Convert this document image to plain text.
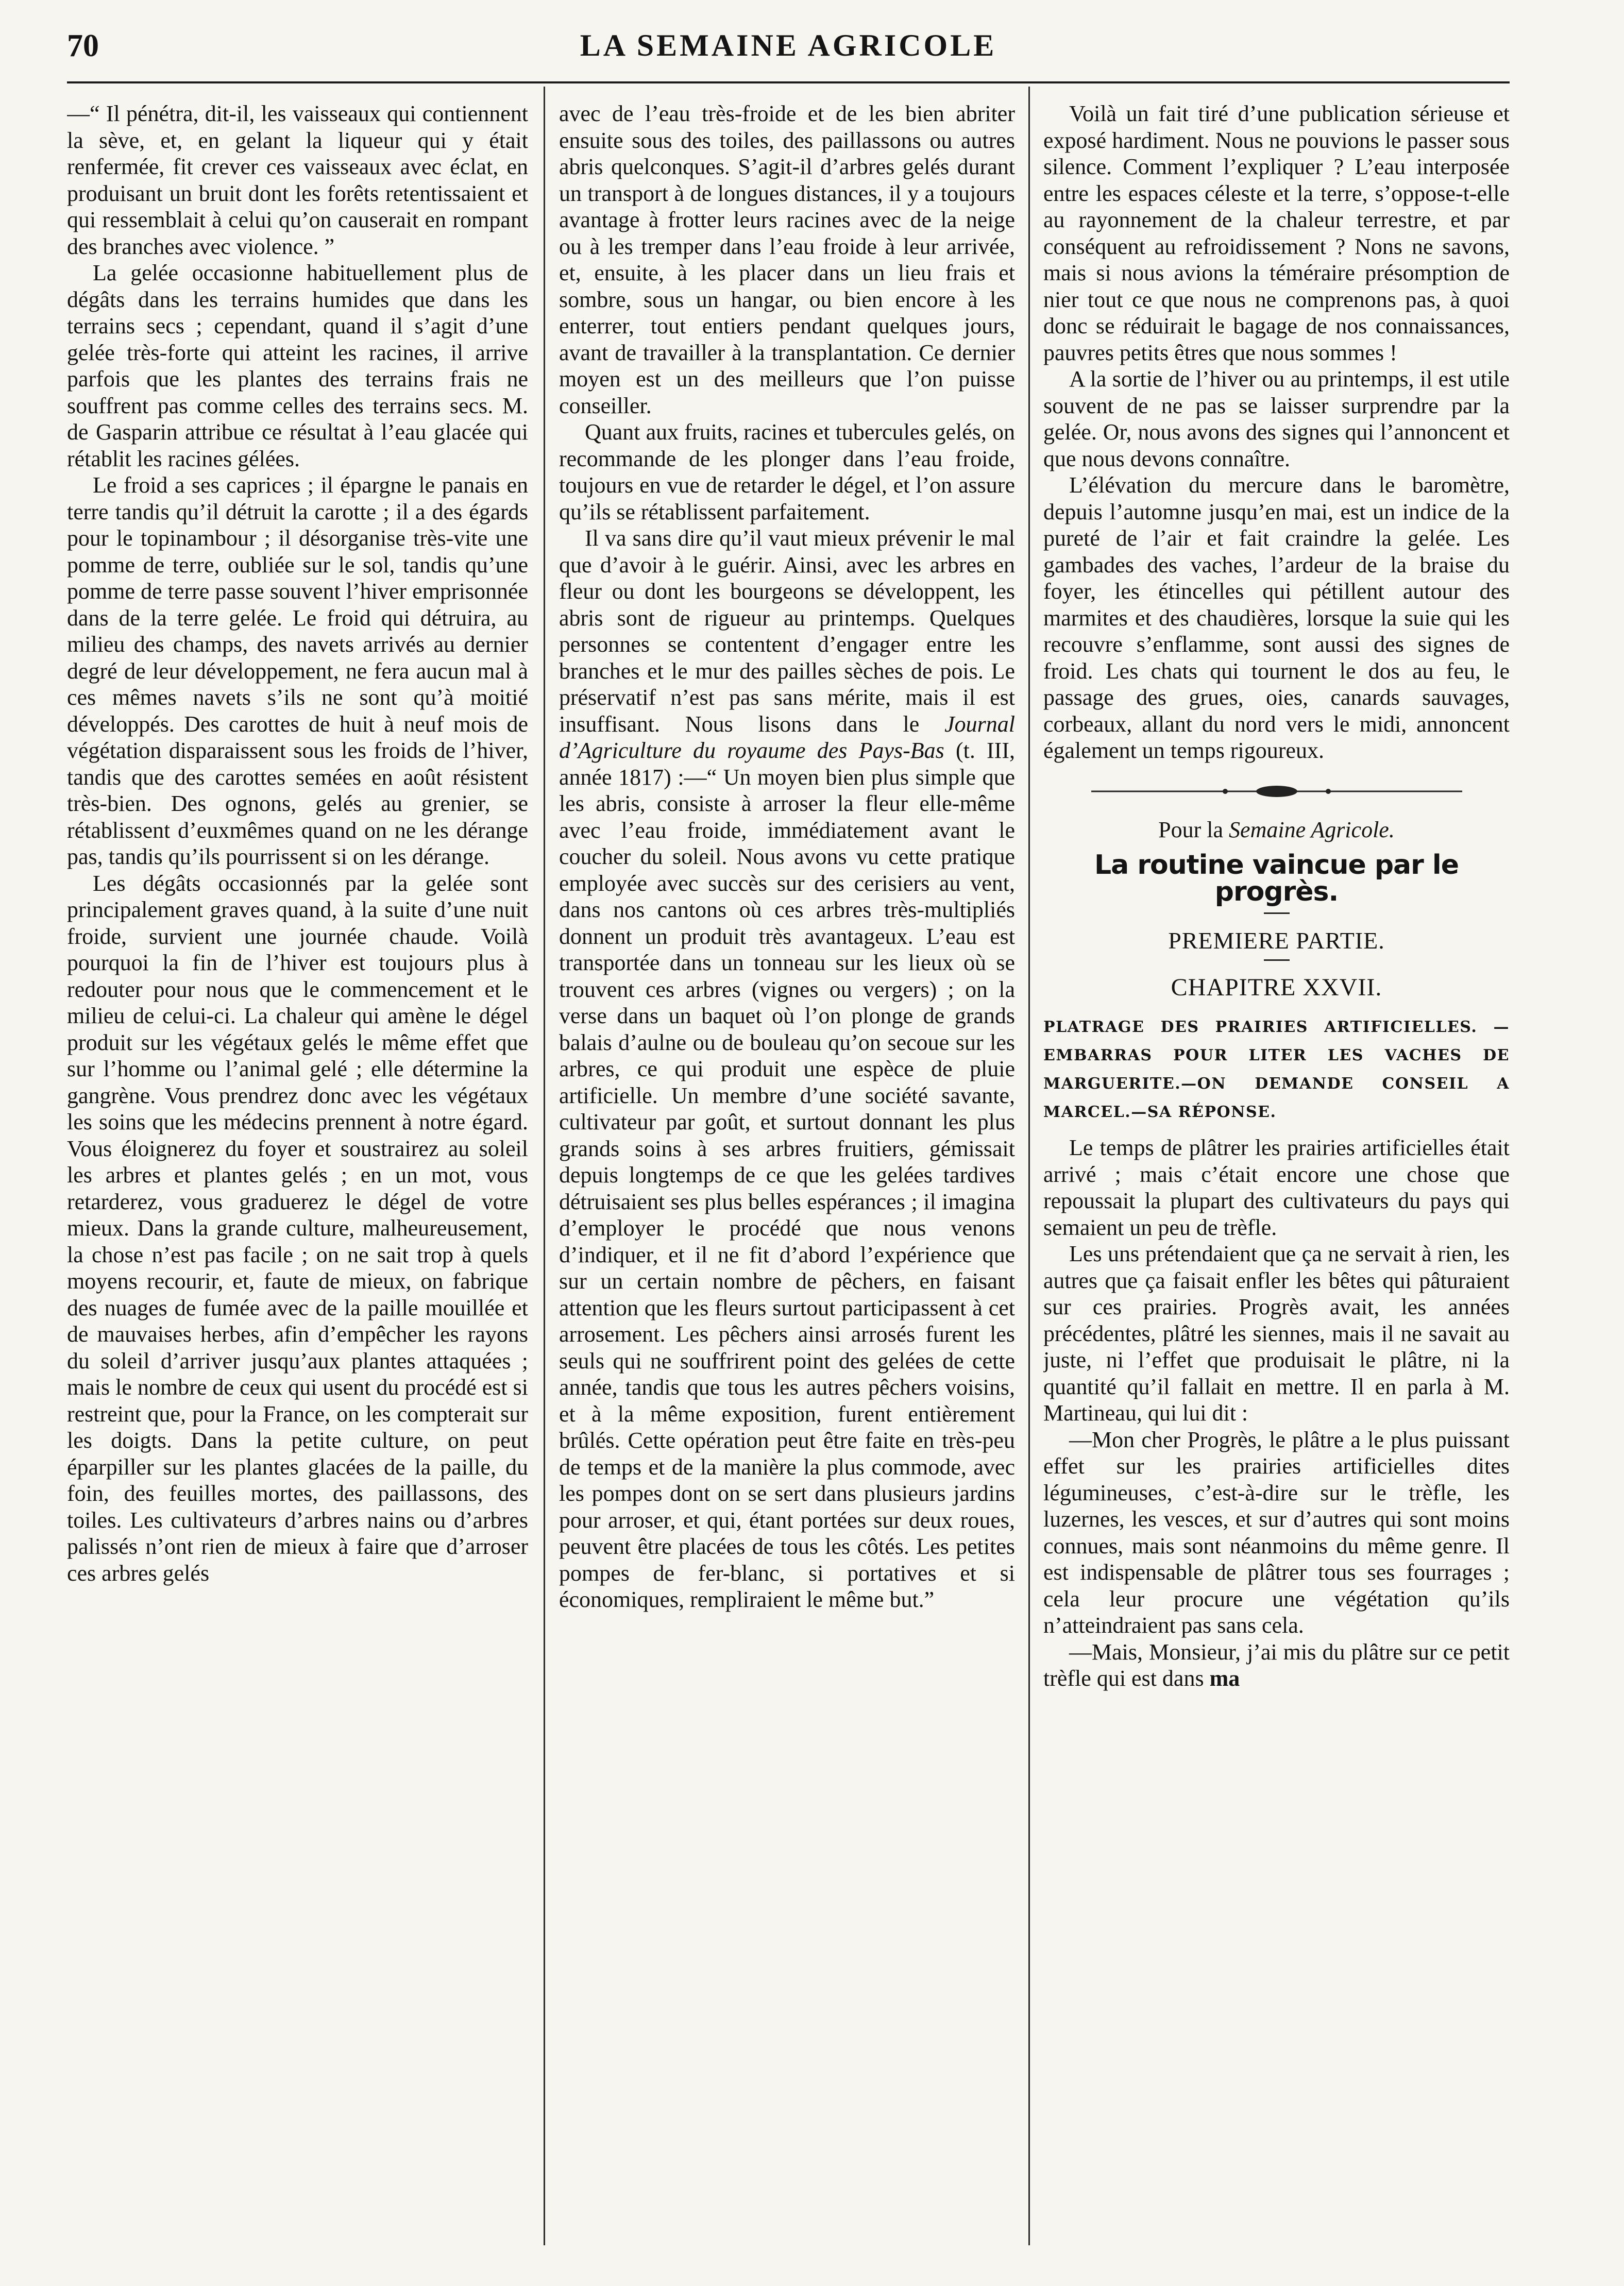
70	LA SEMAINE AGRICOLE

—“ Il pénétra, dit-il, les vaisseaux qui contiennent la sève, et, en gelant la liqueur qui y était renfermée, fit crever ces vaisseaux avec éclat, en produisant un bruit dont les forêts retentissaient et qui ressemblait à celui qu’on causerait en rompant des branches avec violence. ”

La gelée occasionne habituellement plus de dégâts dans les terrains humides que dans les terrains secs ; cependant, quand il s’agit d’une gelée très-forte qui atteint les racines, il arrive parfois que les plantes des terrains frais ne souffrent pas comme celles des terrains secs. M. de Gasparin attribue ce résultat à l’eau glacée qui rétablit les racines gélées.

Le froid a ses caprices ; il épargne le panais en terre tandis qu’il détruit la carotte ; il a des égards pour le topinambour ; il désorganise très-vite une pomme de terre, oubliée sur le sol, tandis qu’une pomme de terre passe souvent l’hiver emprisonnée dans de la terre gelée. Le froid qui détruira, au milieu des champs, des navets arrivés au dernier degré de leur développement, ne fera aucun mal à ces mêmes navets s’ils ne sont qu’à moitié développés. Des carottes de huit à neuf mois de végétation disparaissent sous les froids de l’hiver, tandis que des carottes semées en août résistent très-bien. Des ognons, gelés au grenier, se rétablissent d’euxmêmes quand on ne les dérange pas, tandis qu’ils pourrissent si on les dérange.

Les dégâts occasionnés par la gelée sont principalement graves quand, à la suite d’une nuit froide, survient une journée chaude. Voilà pourquoi la fin de l’hiver est toujours plus à redouter pour nous que le commencement et le milieu de celui-ci. La chaleur qui amène le dégel produit sur les végétaux gelés le même effet que sur l’homme ou l’animal gelé ; elle détermine la gangrène. Vous prendrez donc avec les végétaux les soins que les médecins prennent à notre égard. Vous éloignerez du foyer et soustrairez au soleil les arbres et plantes gelés ; en un mot, vous retarderez, vous graduerez le dégel de votre mieux. Dans la grande culture, malheureusement, la chose n’est pas facile ; on ne sait trop à quels moyens recourir, et, faute de mieux, on fabrique des nuages de fumée avec de la paille mouillée et de mauvaises herbes, afin d’empêcher les rayons du soleil d’arriver jusqu’aux plantes attaquées ; mais le nombre de ceux qui usent du procédé est si restreint que, pour la France, on les compterait sur les doigts. Dans la petite culture, on peut éparpiller sur les plantes glacées de la paille, du foin, des feuilles mortes, des paillassons, des toiles. Les cultivateurs d’arbres nains ou d’arbres palissés n’ont rien de mieux à faire que d’arroser ces arbres gelés

avec de l’eau très-froide et de les bien abriter ensuite sous des toiles, des paillassons ou autres abris quelconques. S’agit-il d’arbres gelés durant un transport à de longues distances, il y a toujours avantage à frotter leurs racines avec de la neige ou à les tremper dans l’eau froide à leur arrivée, et, ensuite, à les placer dans un lieu frais et sombre, sous un hangar, ou bien encore à les enterrer, tout entiers pendant quelques jours, avant de travailler à la transplantation. Ce dernier moyen est un des meilleurs que l’on puisse conseiller.

Quant aux fruits, racines et tubercules gelés, on recommande de les plonger dans l’eau froide, toujours en vue de retarder le dégel, et l’on assure qu’ils se rétablissent parfaitement.

Il va sans dire qu’il vaut mieux prévenir le mal que d’avoir à le guérir. Ainsi, avec les arbres en fleur ou dont les bourgeons se développent, les abris sont de rigueur au printemps. Quelques personnes se contentent d’engager entre les branches et le mur des pailles sèches de pois. Le préservatif n’est pas sans mérite, mais il est insuffisant. Nous lisons dans le Journal d’Agriculture du royaume des Pays-Bas (t. III, année 1817) :—“ Un moyen bien plus simple que les abris, consiste à arroser la fleur elle-même avec l’eau froide, immédiatement avant le coucher du soleil. Nous avons vu cette pratique employée avec succès sur des cerisiers au vent, dans nos cantons où ces arbres très-multipliés donnent un produit très avantageux. L’eau est transportée dans un tonneau sur les lieux où se trouvent ces arbres (vignes ou vergers) ; on la verse dans un baquet où l’on plonge de grands balais d’aulne ou de bouleau qu’on secoue sur les arbres, ce qui produit une espèce de pluie artificielle. Un membre d’une société savante, cultivateur par goût, et surtout donnant les plus grands soins à ses arbres fruitiers, gémissait depuis longtemps de ce que les gelées tardives détruisaient ses plus belles espérances ; il imagina d’employer le procédé que nous venons d’indiquer, et il ne fit d’abord l’expérience que sur un certain nombre de pêchers, en faisant attention que les fleurs surtout participassent à cet arrosement. Les pêchers ainsi arrosés furent les seuls qui ne souffrirent point des gelées de cette année, tandis que tous les autres pêchers voisins, et à la même exposition, furent entièrement brûlés. Cette opération peut être faite en très-peu de temps et de la manière la plus commode, avec les pompes dont on se sert dans plusieurs jardins pour arroser, et qui, étant portées sur deux roues, peuvent être placées de tous les côtés. Les petites pompes de fer-blanc, si portatives et si économiques, rempliraient le même but.”

Voilà un fait tiré d’une publication sérieuse et exposé hardiment. Nous ne pouvions le passer sous silence. Comment l’expliquer ? L’eau interposée entre les espaces céleste et la terre, s’oppose-t-elle au rayonnement de la chaleur terrestre, et par conséquent au refroidissement ? Nons ne savons, mais si nous avions la téméraire présomption de nier tout ce que nous ne comprenons pas, à quoi donc se réduirait le bagage de nos connaissances, pauvres petits êtres que nous sommes !

A la sortie de l’hiver ou au printemps, il est utile souvent de ne pas se laisser surprendre par la gelée. Or, nous avons des signes qui l’annoncent et que nous devons connaître.

L’élévation du mercure dans le baromètre, depuis l’automne jusqu’en mai, est un indice de la pureté de l’air et fait craindre la gelée. Les gambades des vaches, l’ardeur de la braise du foyer, les étincelles qui pétillent autour des marmites et des chaudières, lorsque la suie qui les recouvre s’enflamme, sont aussi des signes de froid. Les chats qui tournent le dos au feu, le passage des grues, oies, canards sauvages, corbeaux, allant du nord vers le midi, annoncent également un temps rigoureux.

Pour la Semaine Agricole.
La routine vaincue par le progrès.
PREMIERE PARTIE.
CHAPITRE XXVII.
PLATRAGE DES PRAIRIES ARTIFICIELLES. —EMBARRAS POUR LITER LES VACHES DE MARGUERITE.—ON DEMANDE CONSEIL A MARCEL.—SA RÉPONSE.

Le temps de plâtrer les prairies artificielles était arrivé ; mais c’était encore une chose que repoussait la plupart des cultivateurs du pays qui semaient un peu de trèfle.

Les uns prétendaient que ça ne servait à rien, les autres que ça faisait enfler les bêtes qui pâturaient sur ces prairies. Progrès avait, les années précédentes, plâtré les siennes, mais il ne savait au juste, ni l’effet que produisait le plâtre, ni la quantité qu’il fallait en mettre. Il en parla à M. Martineau, qui lui dit :

—Mon cher Progrès, le plâtre a le plus puissant effet sur les prairies artificielles dites légumineuses, c’est-à-dire sur le trèfle, les luzernes, les vesces, et sur d’autres qui sont moins connues, mais sont néanmoins du même genre. Il est indispensable de plâtrer tous ses fourrages ; cela leur procure une végétation qu’ils n’atteindraient pas sans cela.

—Mais, Monsieur, j’ai mis du plâtre sur ce petit trèfle qui est dans ma
